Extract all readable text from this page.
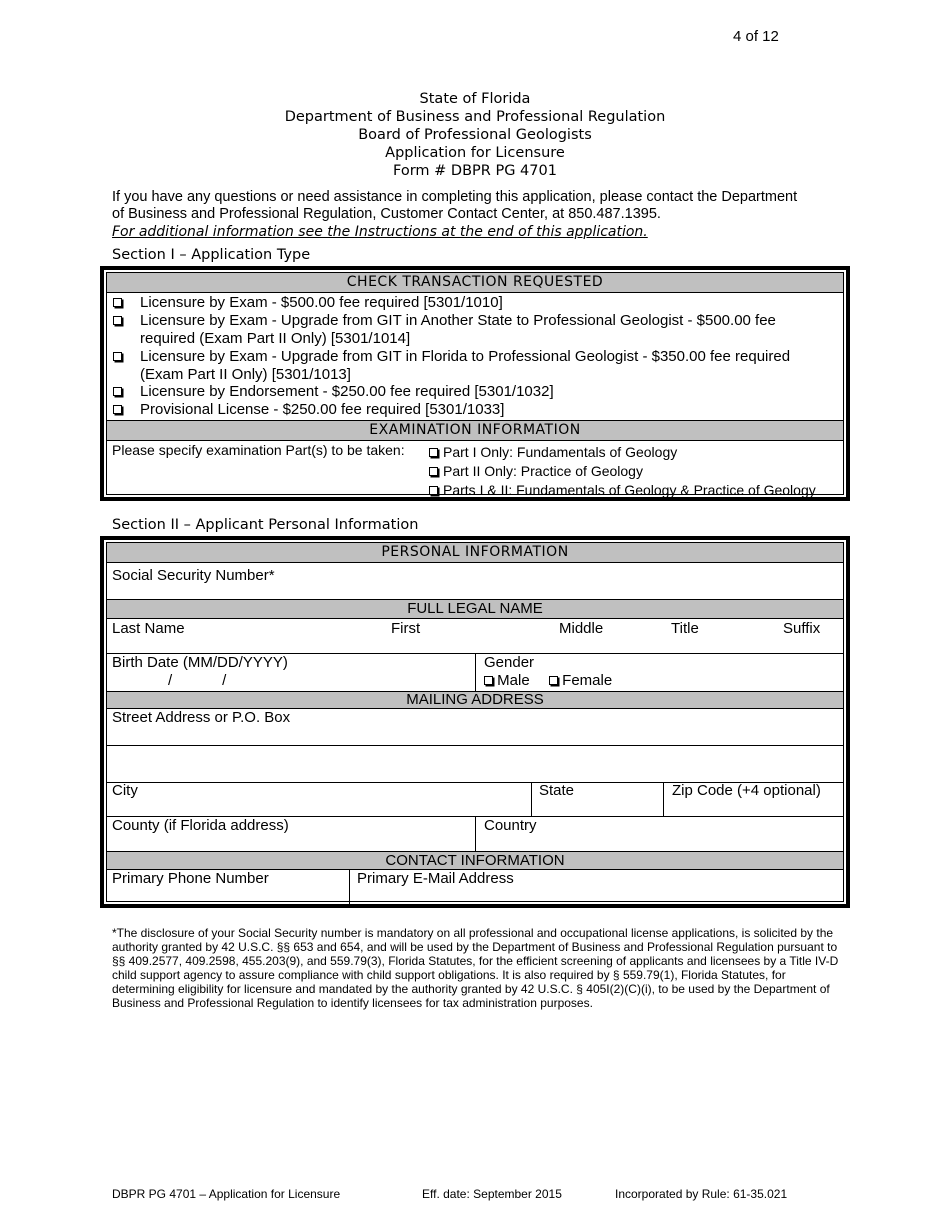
4 of 12
State of Florida
Department of Business and Professional Regulation
Board of Professional Geologists
Application for Licensure
Form # DBPR PG 4701
If you have any questions or need assistance in completing this application, please contact the Department of Business and Professional Regulation, Customer Contact Center, at 850.487.1395.
For additional information see the Instructions at the end of this application.
Section I – Application Type
CHECK TRANSACTION REQUESTED
Licensure by Exam - $500.00 fee required [5301/1010]
Licensure by Exam - Upgrade from GIT in Another State to Professional Geologist - $500.00 fee required (Exam Part II Only) [5301/1014]
Licensure by Exam - Upgrade from GIT in Florida to Professional Geologist - $350.00 fee required (Exam Part II Only) [5301/1013]
Licensure by Endorsement - $250.00 fee required [5301/1032]
Provisional License - $250.00 fee required [5301/1033]
EXAMINATION INFORMATION
Please specify examination Part(s) to be taken:	Part I Only: Fundamentals of Geology
Part II Only: Practice of Geology
Parts I & II: Fundamentals of Geology & Practice of Geology
Section II – Applicant Personal Information
PERSONAL INFORMATION
Social Security Number*
FULL LEGAL NAME
Last Name	First	Middle	Title	Suffix
Birth Date (MM/DD/YYYY)
/            /
Gender
Male	Female
MAILING ADDRESS
Street Address or P.O. Box
City	State	Zip Code (+4 optional)
County (if Florida address)	Country
CONTACT INFORMATION
Primary Phone Number	Primary E-Mail Address
*The disclosure of your Social Security number is mandatory on all professional and occupational license applications, is solicited by the authority granted by 42 U.S.C. §§ 653 and 654, and will be used by the Department of Business and Professional Regulation pursuant to §§ 409.2577, 409.2598, 455.203(9), and 559.79(3), Florida Statutes, for the efficient screening of applicants and licensees by a Title IV-D child support agency to assure compliance with child support obligations. It is also required by § 559.79(1), Florida Statutes, for determining eligibility for licensure and mandated by the authority granted by 42 U.S.C. § 405I(2)(C)(i), to be used by the Department of Business and Professional Regulation to identify licensees for tax administration purposes.
DBPR PG 4701 – Application for Licensure	Eff. date: September 2015	Incorporated by Rule: 61-35.021
